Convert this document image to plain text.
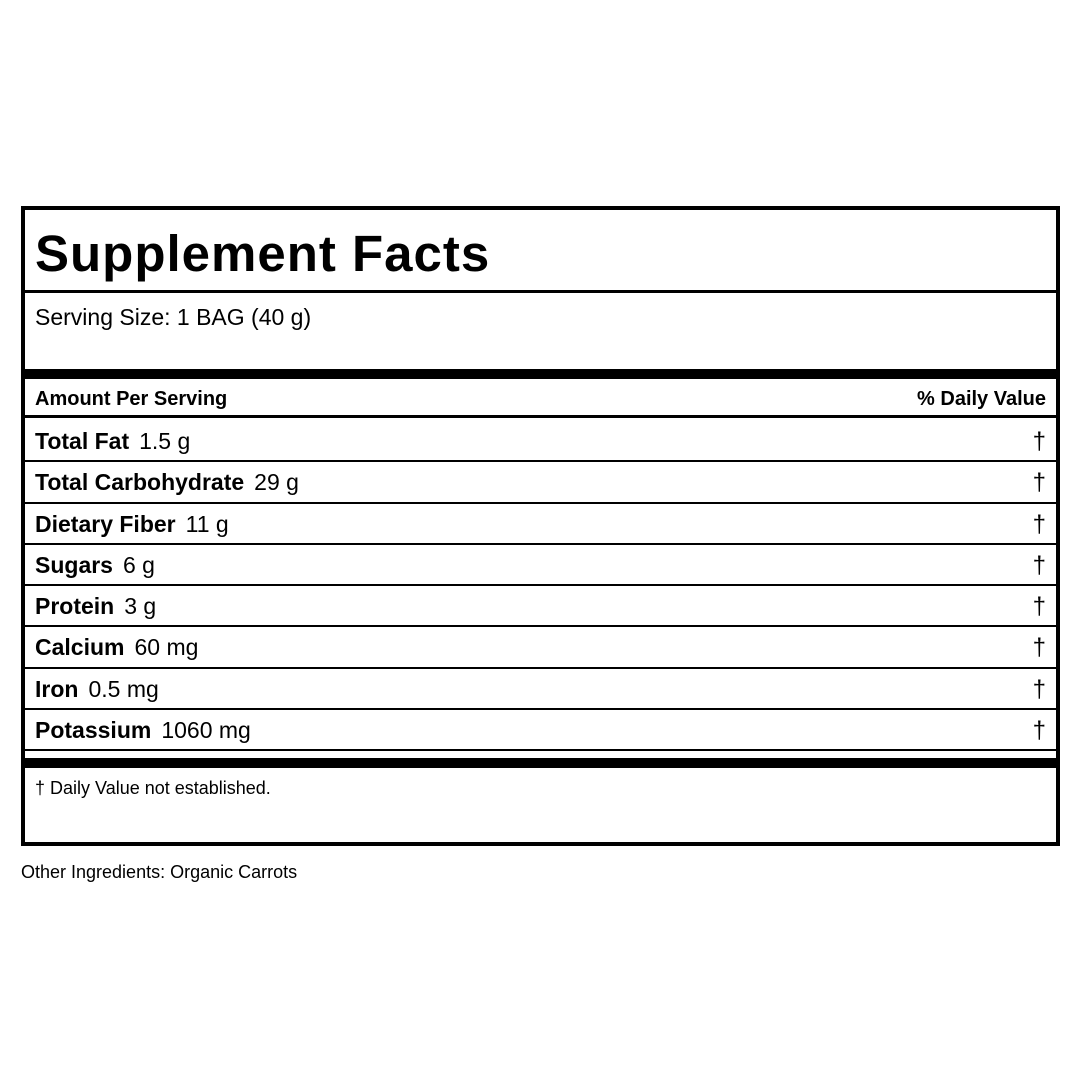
Supplement Facts
Serving Size: 1 BAG (40 g)
Amount Per Serving	% Daily Value
Total Fat 1.5 g	†
Total Carbohydrate 29 g	†
Dietary Fiber 11 g	†
Sugars 6 g	†
Protein 3 g	†
Calcium 60 mg	†
Iron 0.5 mg	†
Potassium 1060 mg	†
† Daily Value not established.
Other Ingredients: Organic Carrots
